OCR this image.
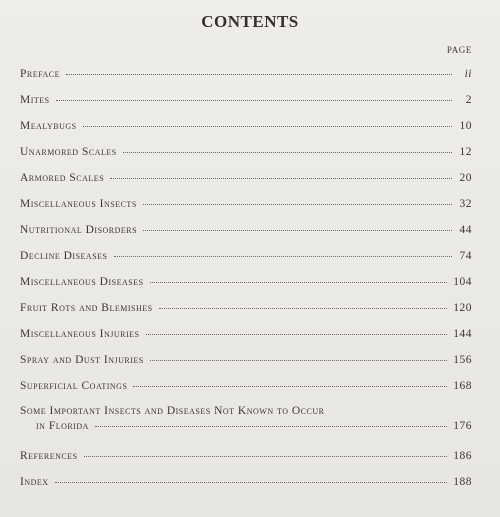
CONTENTS
PAGE
Preface	ii
Mites	2
Mealybugs	10
Unarmored Scales	12
Armored Scales	20
Miscellaneous Insects	32
Nutritional Disorders	44
Decline Diseases	74
Miscellaneous Diseases	104
Fruit Rots and Blemishes	120
Miscellaneous Injuries	144
Spray and Dust Injuries	156
Superficial Coatings	168
Some Important Insects and Diseases Not Known to Occur
in Florida	176
References	186
Index	188
